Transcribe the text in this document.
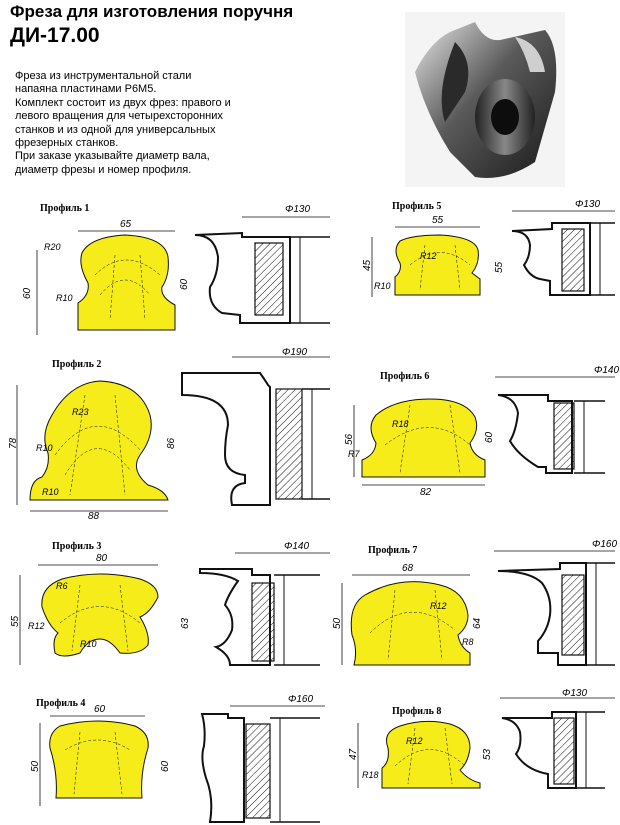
Фреза для изготовления поручня
ДИ-17.00
Фреза из инструментальной стали
напаяна пластинами Р6М5.
Комплект состоит из двух фрез: правого и
левого вращения для четырехсторонних
станков и из одной для универсальных
фрезерных станков.
При заказе указывайте диаметр вала,
диаметр фрезы и номер профиля.
Профиль 1
65
60
R20
R10
Φ130
60
Профиль 5
55
45
R12
R10
Φ130
55
Профиль 2
78
R23
R10
R10
88
Φ190
86
Профиль 6
56
R18
R7
82
Φ140
60
Профиль 3
80
55
R6
R12
R10
Φ140
63
Профиль 7
68
50
R12
R8
Φ160
64
Профиль 4
60
50
Φ160
60
Профиль 8
47
R12
R18
Φ130
53
